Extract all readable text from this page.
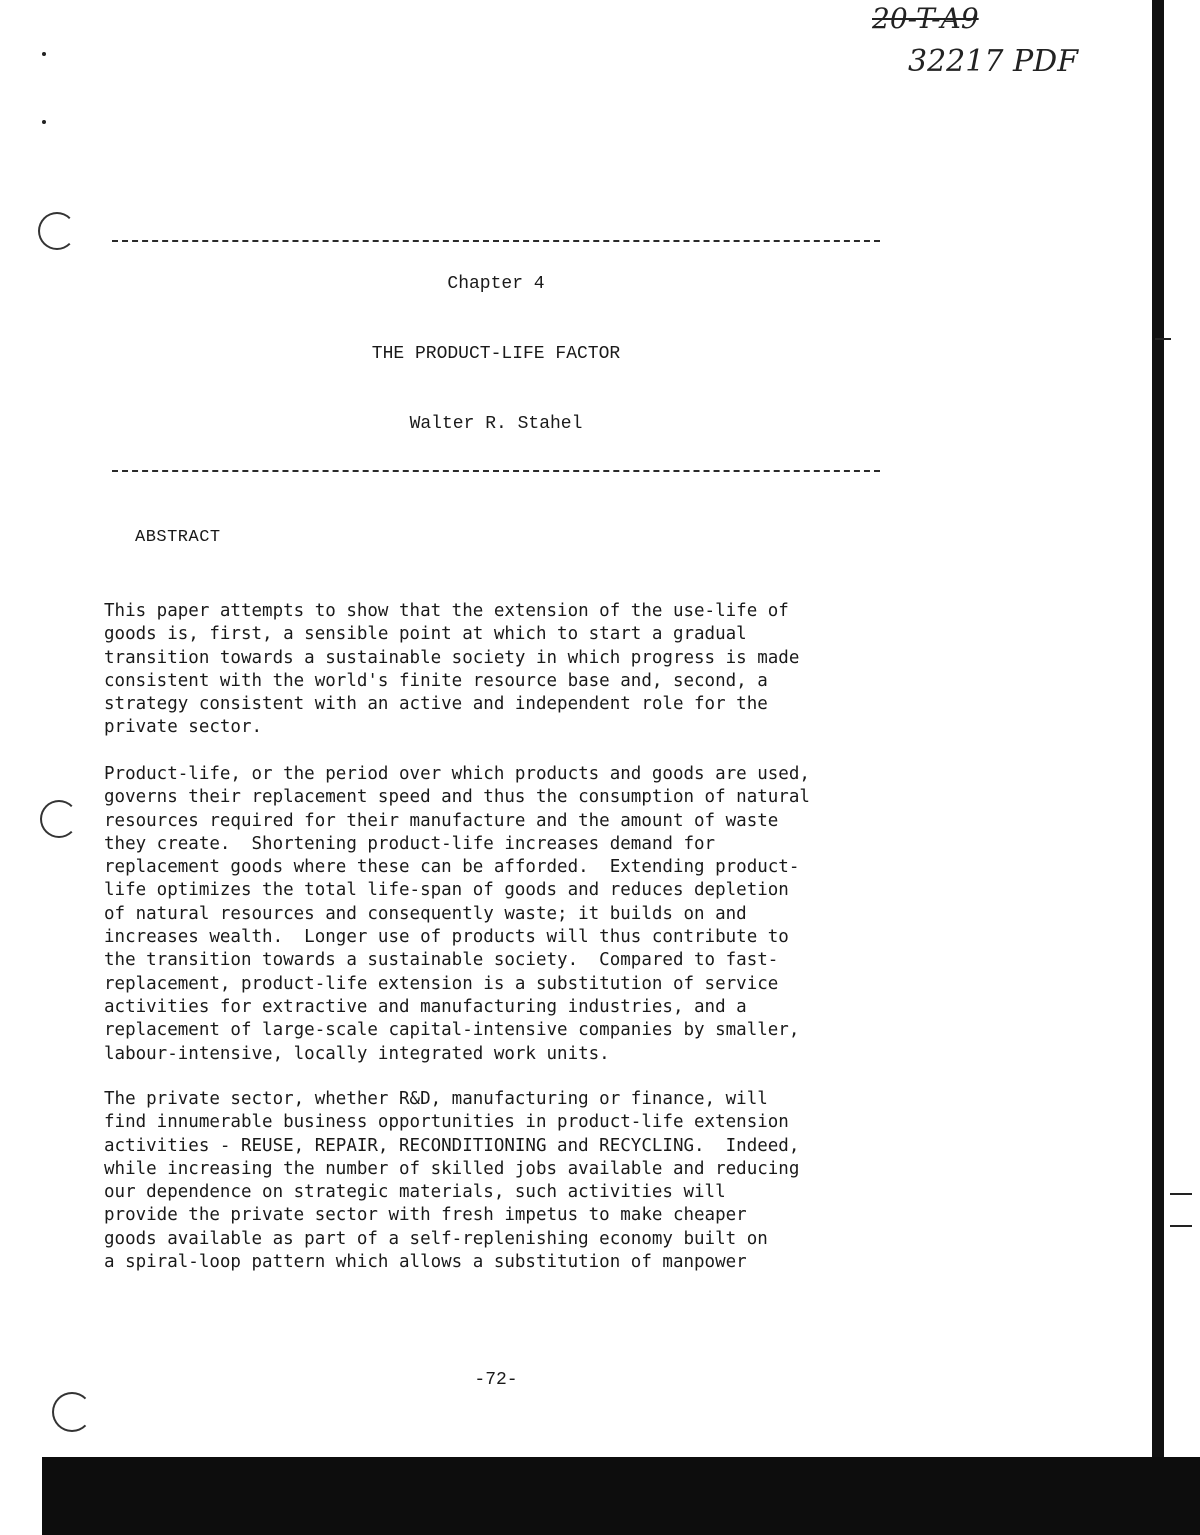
20-T-A9
32217 PDF
Chapter 4
THE PRODUCT-LIFE FACTOR
Walter R. Stahel
ABSTRACT
This paper attempts to show that the extension of the use-life of
goods is, first, a sensible point at which to start a gradual
transition towards a sustainable society in which progress is made
consistent with the world's finite resource base and, second, a
strategy consistent with an active and independent role for the
private sector.
Product-life, or the period over which products and goods are used,
governs their replacement speed and thus the consumption of natural
resources required for their manufacture and the amount of waste
they create.  Shortening product-life increases demand for
replacement goods where these can be afforded.  Extending product-
life optimizes the total life-span of goods and reduces depletion
of natural resources and consequently waste; it builds on and
increases wealth.  Longer use of products will thus contribute to
the transition towards a sustainable society.  Compared to fast-
replacement, product-life extension is a substitution of service
activities for extractive and manufacturing industries, and a
replacement of large-scale capital-intensive companies by smaller,
labour-intensive, locally integrated work units.
The private sector, whether R&D, manufacturing or finance, will
find innumerable business opportunities in product-life extension
activities - REUSE, REPAIR, RECONDITIONING and RECYCLING.  Indeed,
while increasing the number of skilled jobs available and reducing
our dependence on strategic materials, such activities will
provide the private sector with fresh impetus to make cheaper
goods available as part of a self-replenishing economy built on
a spiral-loop pattern which allows a substitution of manpower
-72-
